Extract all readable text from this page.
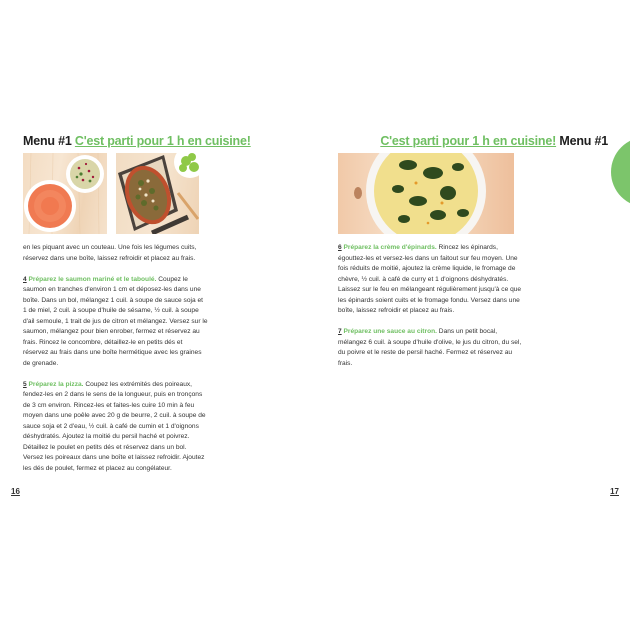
Menu #1 C'est parti pour 1 h en cuisine!

en les piquant avec un couteau. Une fois les légumes cuits, réservez dans une boîte, laissez refroidir et placez au frais.

4 Préparez le saumon mariné et le taboulé. Coupez le saumon en tranches d'environ 1 cm et déposez-les dans une boîte. Dans un bol, mélangez 1 cuil. à soupe de sauce soja et 1 de miel, 2 cuil. à soupe d'huile de sésame, ½ cuil. à soupe d'ail semoule, 1 trait de jus de citron et mélangez. Versez sur le saumon, mélangez pour bien enrober, fermez et réservez au frais. Rincez le concombre, détaillez-le en petits dés et réservez au frais dans une boîte hermétique avec les graines de grenade.

5 Préparez la pizza. Coupez les extrémités des poireaux, fendez-les en 2 dans le sens de la longueur, puis en tronçons de 3 cm environ. Rincez-les et faites-les cuire 10 min à feu moyen dans une poêle avec 20 g de beurre, 2 cuil. à soupe de sauce soja et 2 d'eau, ½ cuil. à café de cumin et 1 d'oignons déshydratés. Ajoutez la moitié du persil haché et poivrez. Détaillez le poulet en petits dés et réservez dans un bol. Versez les poireaux dans une boîte et laissez refroidir. Ajoutez les dés de poulet, fermez et placez au congélateur.

16
C'est parti pour 1 h en cuisine! Menu #1

6 Préparez la crème d'épinards. Rincez les épinards, égouttez-les et versez-les dans un faitout sur feu moyen. Une fois réduits de moitié, ajoutez la crème liquide, le fromage de chèvre, ½ cuil. à café de curry et 1 d'oignons déshydratés. Laissez sur le feu en mélangeant régulièrement jusqu'à ce que les épinards soient cuits et le fromage fondu. Versez dans une boîte, laissez refroidir et placez au frais.

7 Préparez une sauce au citron. Dans un petit bocal, mélangez 6 cuil. à soupe d'huile d'olive, le jus du citron, du sel, du poivre et le reste de persil haché. Fermez et réservez au frais.

17
